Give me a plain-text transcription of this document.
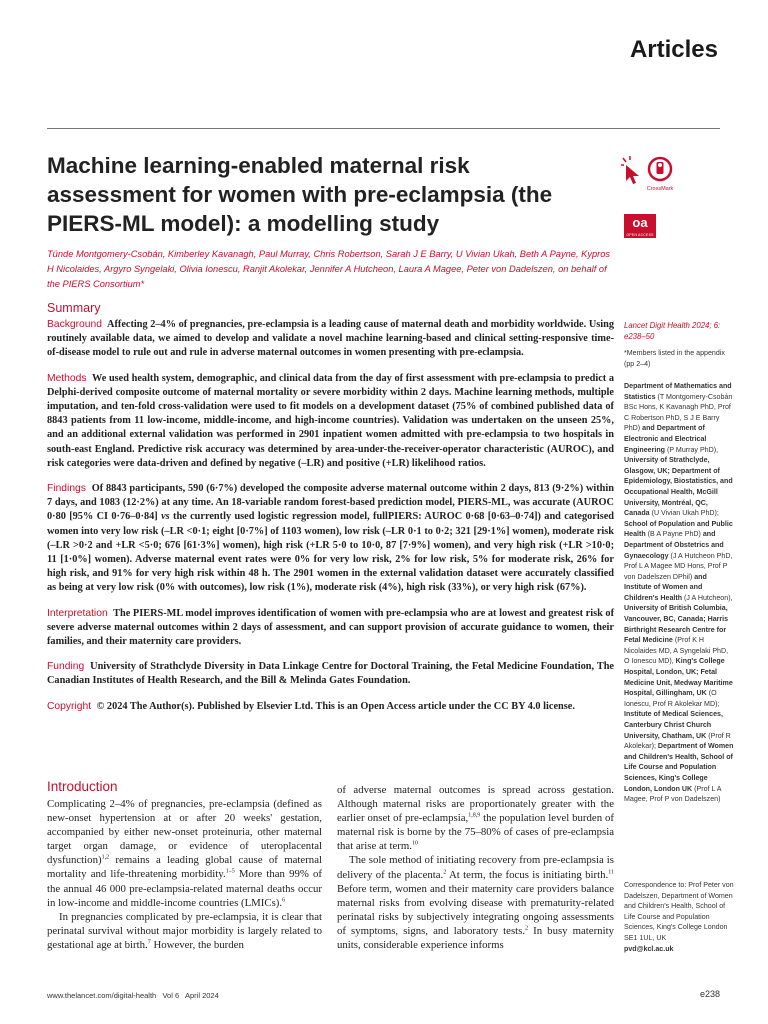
Articles
Machine learning-enabled maternal risk assessment for women with pre-eclampsia (the PIERS-ML model): a modelling study
CrossMark
oa
OPEN ACCESS
Tünde Montgomery-Csobán, Kimberley Kavanagh, Paul Murray, Chris Robertson, Sarah J E Barry, U Vivian Ukah, Beth A Payne, Kypros H Nicolaides, Argyro Syngelaki, Olivia Ionescu, Ranjit Akolekar, Jennifer A Hutcheon, Laura A Magee, Peter von Dadelszen, on behalf of the PIERS Consortium*
Summary

Background Affecting 2–4% of pregnancies, pre-eclampsia is a leading cause of maternal death and morbidity worldwide. Using routinely available data, we aimed to develop and validate a novel machine learning-based and clinical setting-responsive time-of-disease model to rule out and rule in adverse maternal outcomes in women presenting with pre-eclampsia.

Methods We used health system, demographic, and clinical data from the day of first assessment with pre-eclampsia to predict a Delphi-derived composite outcome of maternal mortality or severe morbidity within 2 days. Machine learning methods, multiple imputation, and ten-fold cross-validation were used to fit models on a development dataset (75% of combined published data of 8843 patients from 11 low-income, middle-income, and high-income countries). Validation was undertaken on the unseen 25%, and an additional external validation was performed in 2901 inpatient women admitted with pre-eclampsia to two hospitals in south-east England. Predictive risk accuracy was determined by area-under-the-receiver-operator characteristic (AUROC), and risk categories were data-driven and defined by negative (–LR) and positive (+LR) likelihood ratios.

Findings Of 8843 participants, 590 (6·7%) developed the composite adverse maternal outcome within 2 days, 813 (9·2%) within 7 days, and 1083 (12·2%) at any time. An 18-variable random forest-based prediction model, PIERS-ML, was accurate (AUROC 0·80 [95% CI 0·76–0·84] vs the currently used logistic regression model, fullPIERS: AUROC 0·68 [0·63–0·74]) and categorised women into very low risk (–LR <0·1; eight [0·7%] of 1103 women), low risk (–LR 0·1 to 0·2; 321 [29·1%] women), moderate risk (–LR >0·2 and +LR <5·0; 676 [61·3%] women), high risk (+LR 5·0 to 10·0, 87 [7·9%] women), and very high risk (+LR >10·0; 11 [1·0%] women). Adverse maternal event rates were 0% for very low risk, 2% for low risk, 5% for moderate risk, 26% for high risk, and 91% for very high risk within 48 h. The 2901 women in the external validation dataset were accurately classified as being at very low risk (0% with outcomes), low risk (1%), moderate risk (4%), high risk (33%), or very high risk (67%).

Interpretation The PIERS-ML model improves identification of women with pre-eclampsia who are at lowest and greatest risk of severe adverse maternal outcomes within 2 days of assessment, and can support provision of accurate guidance to women, their families, and their maternity care providers.

Funding University of Strathclyde Diversity in Data Linkage Centre for Doctoral Training, the Fetal Medicine Foundation, The Canadian Institutes of Health Research, and the Bill & Melinda Gates Foundation.

Copyright © 2024 The Author(s). Published by Elsevier Ltd. This is an Open Access article under the CC BY 4.0 license.

Introduction

Complicating 2–4% of pregnancies, pre-eclampsia (defined as new-onset hypertension at or after 20 weeks' gestation, accompanied by either new-onset proteinuria, other maternal target organ damage, or evidence of uteroplacental dysfunction)$^{1,2}$ remains a leading global cause of maternal mortality and life-threatening morbidity.$^{1-5}$ More than 99% of the annual 46 000 pre-eclampsia-related maternal deaths occur in low-income and middle-income countries (LMICs).$^6$

In pregnancies complicated by pre-eclampsia, it is clear that perinatal survival without major morbidity is largely related to gestational age at birth.$^7$ However, the burden

of adverse maternal outcomes is spread across gestation. Although maternal risks are proportionately greater with the earlier onset of pre-eclampsia,$^{1,8,9}$ the population level burden of maternal risk is borne by the 75–80% of cases of pre-eclampsia that arise at term.$^{10}$

The sole method of initiating recovery from pre-eclampsia is delivery of the placenta.$^2$ At term, the focus is initiating birth.$^{11}$ Before term, women and their maternity care providers balance maternal risks from evolving disease with prematurity-related perinatal risks by subjectively integrating ongoing assessments of symptoms, signs, and laboratory tests.$^2$ In busy maternity units, considerable experience informs

Lancet Digit Health 2024; 6: e238–50
*Members listed in the appendix (pp 2–4)
Department of Mathematics and Statistics (T Montgomery-Csobán BSc Hons, K Kavanagh PhD, Prof C Robertson PhD, S J E Barry PhD) and Department of Electronic and Electrical Engineering (P Murray PhD), University of Strathclyde, Glasgow, UK; Department of Epidemiology, Biostatistics, and Occupational Health, McGill University, Montréal, QC, Canada (U Vivian Ukah PhD); School of Population and Public Health (B A Payne PhD) and Department of Obstetrics and Gynaecology (J A Hutcheon PhD, Prof L A Magee MD Hons, Prof P von Dadelszen DPhil) and Institute of Women and Children's Health (J A Hutcheon), University of British Columbia, Vancouver, BC, Canada; Harris Birthright Research Centre for Fetal Medicine (Prof K H Nicolaides MD, A Syngelaki PhD, O Ionescu MD), King's College Hospital, London, UK; Fetal Medicine Unit, Medway Maritime Hospital, Gillingham, UK (O Ionescu, Prof R Akolekar MD); Institute of Medical Sciences, Canterbury Christ Church University, Chatham, UK (Prof R Akolekar); Department of Women and Children's Health, School of Life Course and Population Sciences, King's College London, London UK (Prof L A Magee, Prof P von Dadelszen)
Correspondence to: Prof Peter von Dadelszen, Department of Women and Children's Health, School of Life Course and Population Sciences, King's College London SE1 1UL, UK
pvd@kcl.ac.uk
www.thelancet.com/digital-health   Vol 6   April 2024	e238
